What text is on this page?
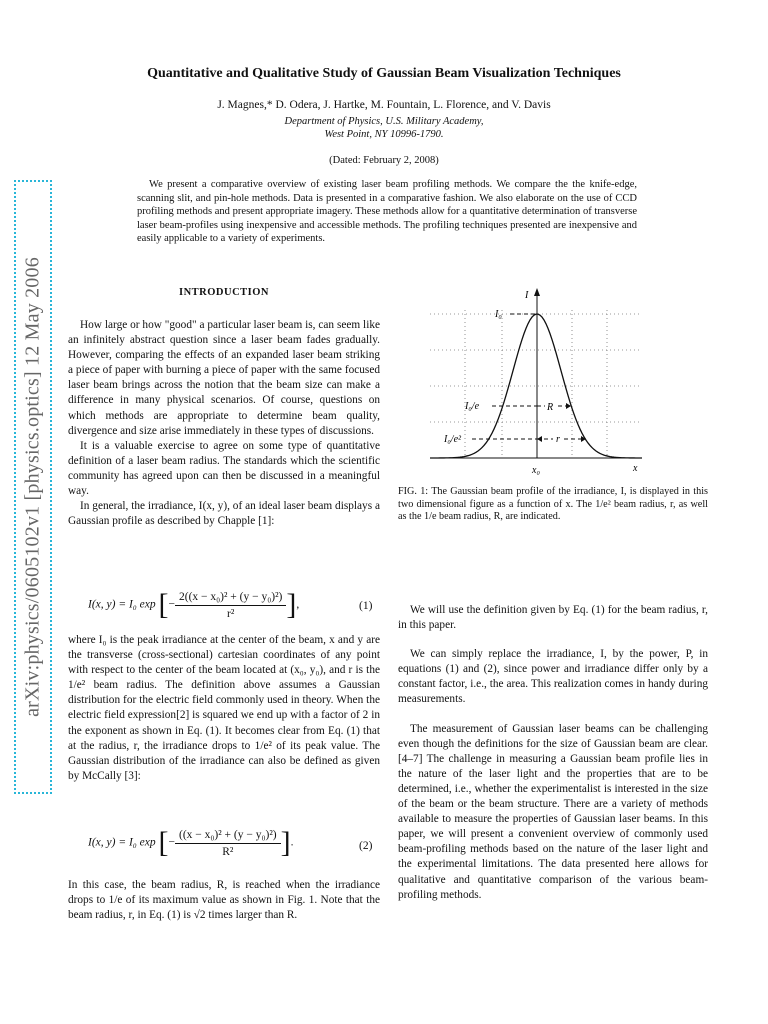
arXiv:physics/0605102v1 [physics.optics] 12 May 2006
Quantitative and Qualitative Study of Gaussian Beam Visualization Techniques
J. Magnes,* D. Odera, J. Hartke, M. Fountain, L. Florence, and V. Davis
Department of Physics, U.S. Military Academy,
West Point, NY 10996-1790.
(Dated: February 2, 2008)

We present a comparative overview of existing laser beam profiling methods. We compare the the knife-edge, scanning slit, and pin-hole methods. Data is presented in a comparative fashion. We also elaborate on the use of CCD profiling methods and present appropriate imagery. These methods allow for a quantitative determination of transverse laser beam-profiles using inexpensive and accessible methods. The profiling techniques presented are inexpensive and easily applicable to a variety of experiments.

INTRODUCTION

How large or how "good" a particular laser beam is, can seem like an infinitely abstract question since a laser beam fades gradually. However, comparing the effects of an expanded laser beam striking a piece of paper with burning a piece of paper with the same focused laser beam brings across the notion that the beam size can make a difference in many physical scenarios. Of course, questions on which methods are appropriate to determine beam quality, divergence and size arise immediately in these types of discussions.

It is a valuable exercise to agree on some type of quantitative definition of a laser beam radius. The standards which the scientific community has agreed upon can then be discussed in a meaningful way.

In general, the irradiance, I(x, y), of an ideal laser beam displays a Gaussian profile as described by Chapple [1]:

I(x, y) = I₀ exp [− $\frac{\text{2((x − x₀)² + (y − y₀)²)}}{\text{r²}}$ ],	(1)

where I₀ is the peak irradiance at the center of the beam, x and y are the transverse (cross-sectional) cartesian coordinates of any point with respect to the center of the beam located at (x₀, y₀), and r is the 1/e² beam radius. The definition above assumes a Gaussian distribution for the electric field commonly used in theory. When the electric field expression[2] is squared we end up with a factor of 2 in the exponent as shown in Eq. (1). It becomes clear from Eq. (1) that at the radius, r, the irradiance drops to 1/e² of its peak value. The Gaussian distribution of the irradiance can also be defined as given by McCally [3]:

I(x, y) = I₀ exp [− $\frac{\text{((x − x₀)² + (y − y₀)²)}}{\text{R²}}$ ].	(2)

In this case, the beam radius, R, is reached when the irradiance drops to 1/e of its maximum value as shown in Fig. 1. Note that the beam radius, r, in Eq. (1) is √2 times larger than R.

I
I₀
I₀/e
I₀/e²
R
r
x₀	x

FIG. 1: The Gaussian beam profile of the irradiance, I, is displayed in this two dimensional figure as a function of x. The 1/e² beam radius, r, as well as the 1/e beam radius, R, are indicated.

We will use the definition given by Eq. (1) for the beam radius, r, in this paper.

We can simply replace the irradiance, I, by the power, P, in equations (1) and (2), since power and irradiance differ only by a constant factor, i.e., the area. This realization comes in handy during measurements.

The measurement of Gaussian laser beams can be challenging even though the definitions for the size of Gaussian beam are clear.[4–7] The challenge in measuring a Gaussian beam profile lies in the nature of the laser light and the properties that are to be determined, i.e., whether the experimentalist is interested in the size of the beam or the beam structure. There are a variety of methods available to measure the properties of Gaussian laser beams. In this paper, we will present a convenient overview of commonly used beam-profiling methods based on the nature of the laser light and the experimental limitations. The data presented here allows for qualitative and quantitative comparison of the various beam-profiling methods.
